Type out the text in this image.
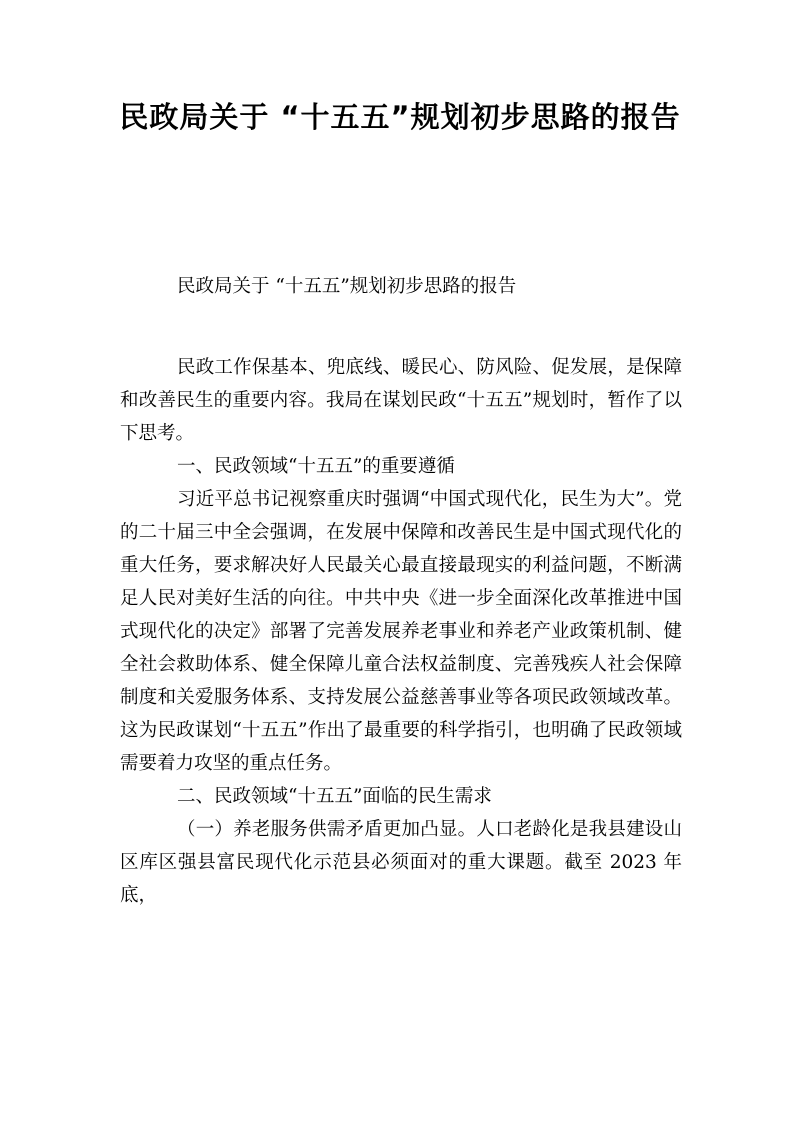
民政局关于 “十五五”规划初步思路的报告

民政局关于 “十五五”规划初步思路的报告

民政工作保基本、兜底线、暖民心、防风险、促发展，是保障和改善民生的重要内容。我局在谋划民政“十五五”规划时，暂作了以下思考。

一、民政领域“十五五”的重要遵循

习近平总书记视察重庆时强调“中国式现代化，民生为大”。党的二十届三中全会强调，在发展中保障和改善民生是中国式现代化的重大任务，要求解决好人民最关心最直接最现实的利益问题，不断满足人民对美好生活的向往。中共中央《进一步全面深化改革推进中国式现代化的决定》部署了完善发展养老事业和养老产业政策机制、健全社会救助体系、健全保障儿童合法权益制度、完善残疾人社会保障制度和关爱服务体系、支持发展公益慈善事业等各项民政领域改革。这为民政谋划“十五五”作出了最重要的科学指引，也明确了民政领域需要着力攻坚的重点任务。

二、民政领域“十五五”面临的民生需求

（一）养老服务供需矛盾更加凸显。人口老龄化是我县建设山区库区强县富民现代化示范县必须面对的重大课题。截至 2023 年底，
